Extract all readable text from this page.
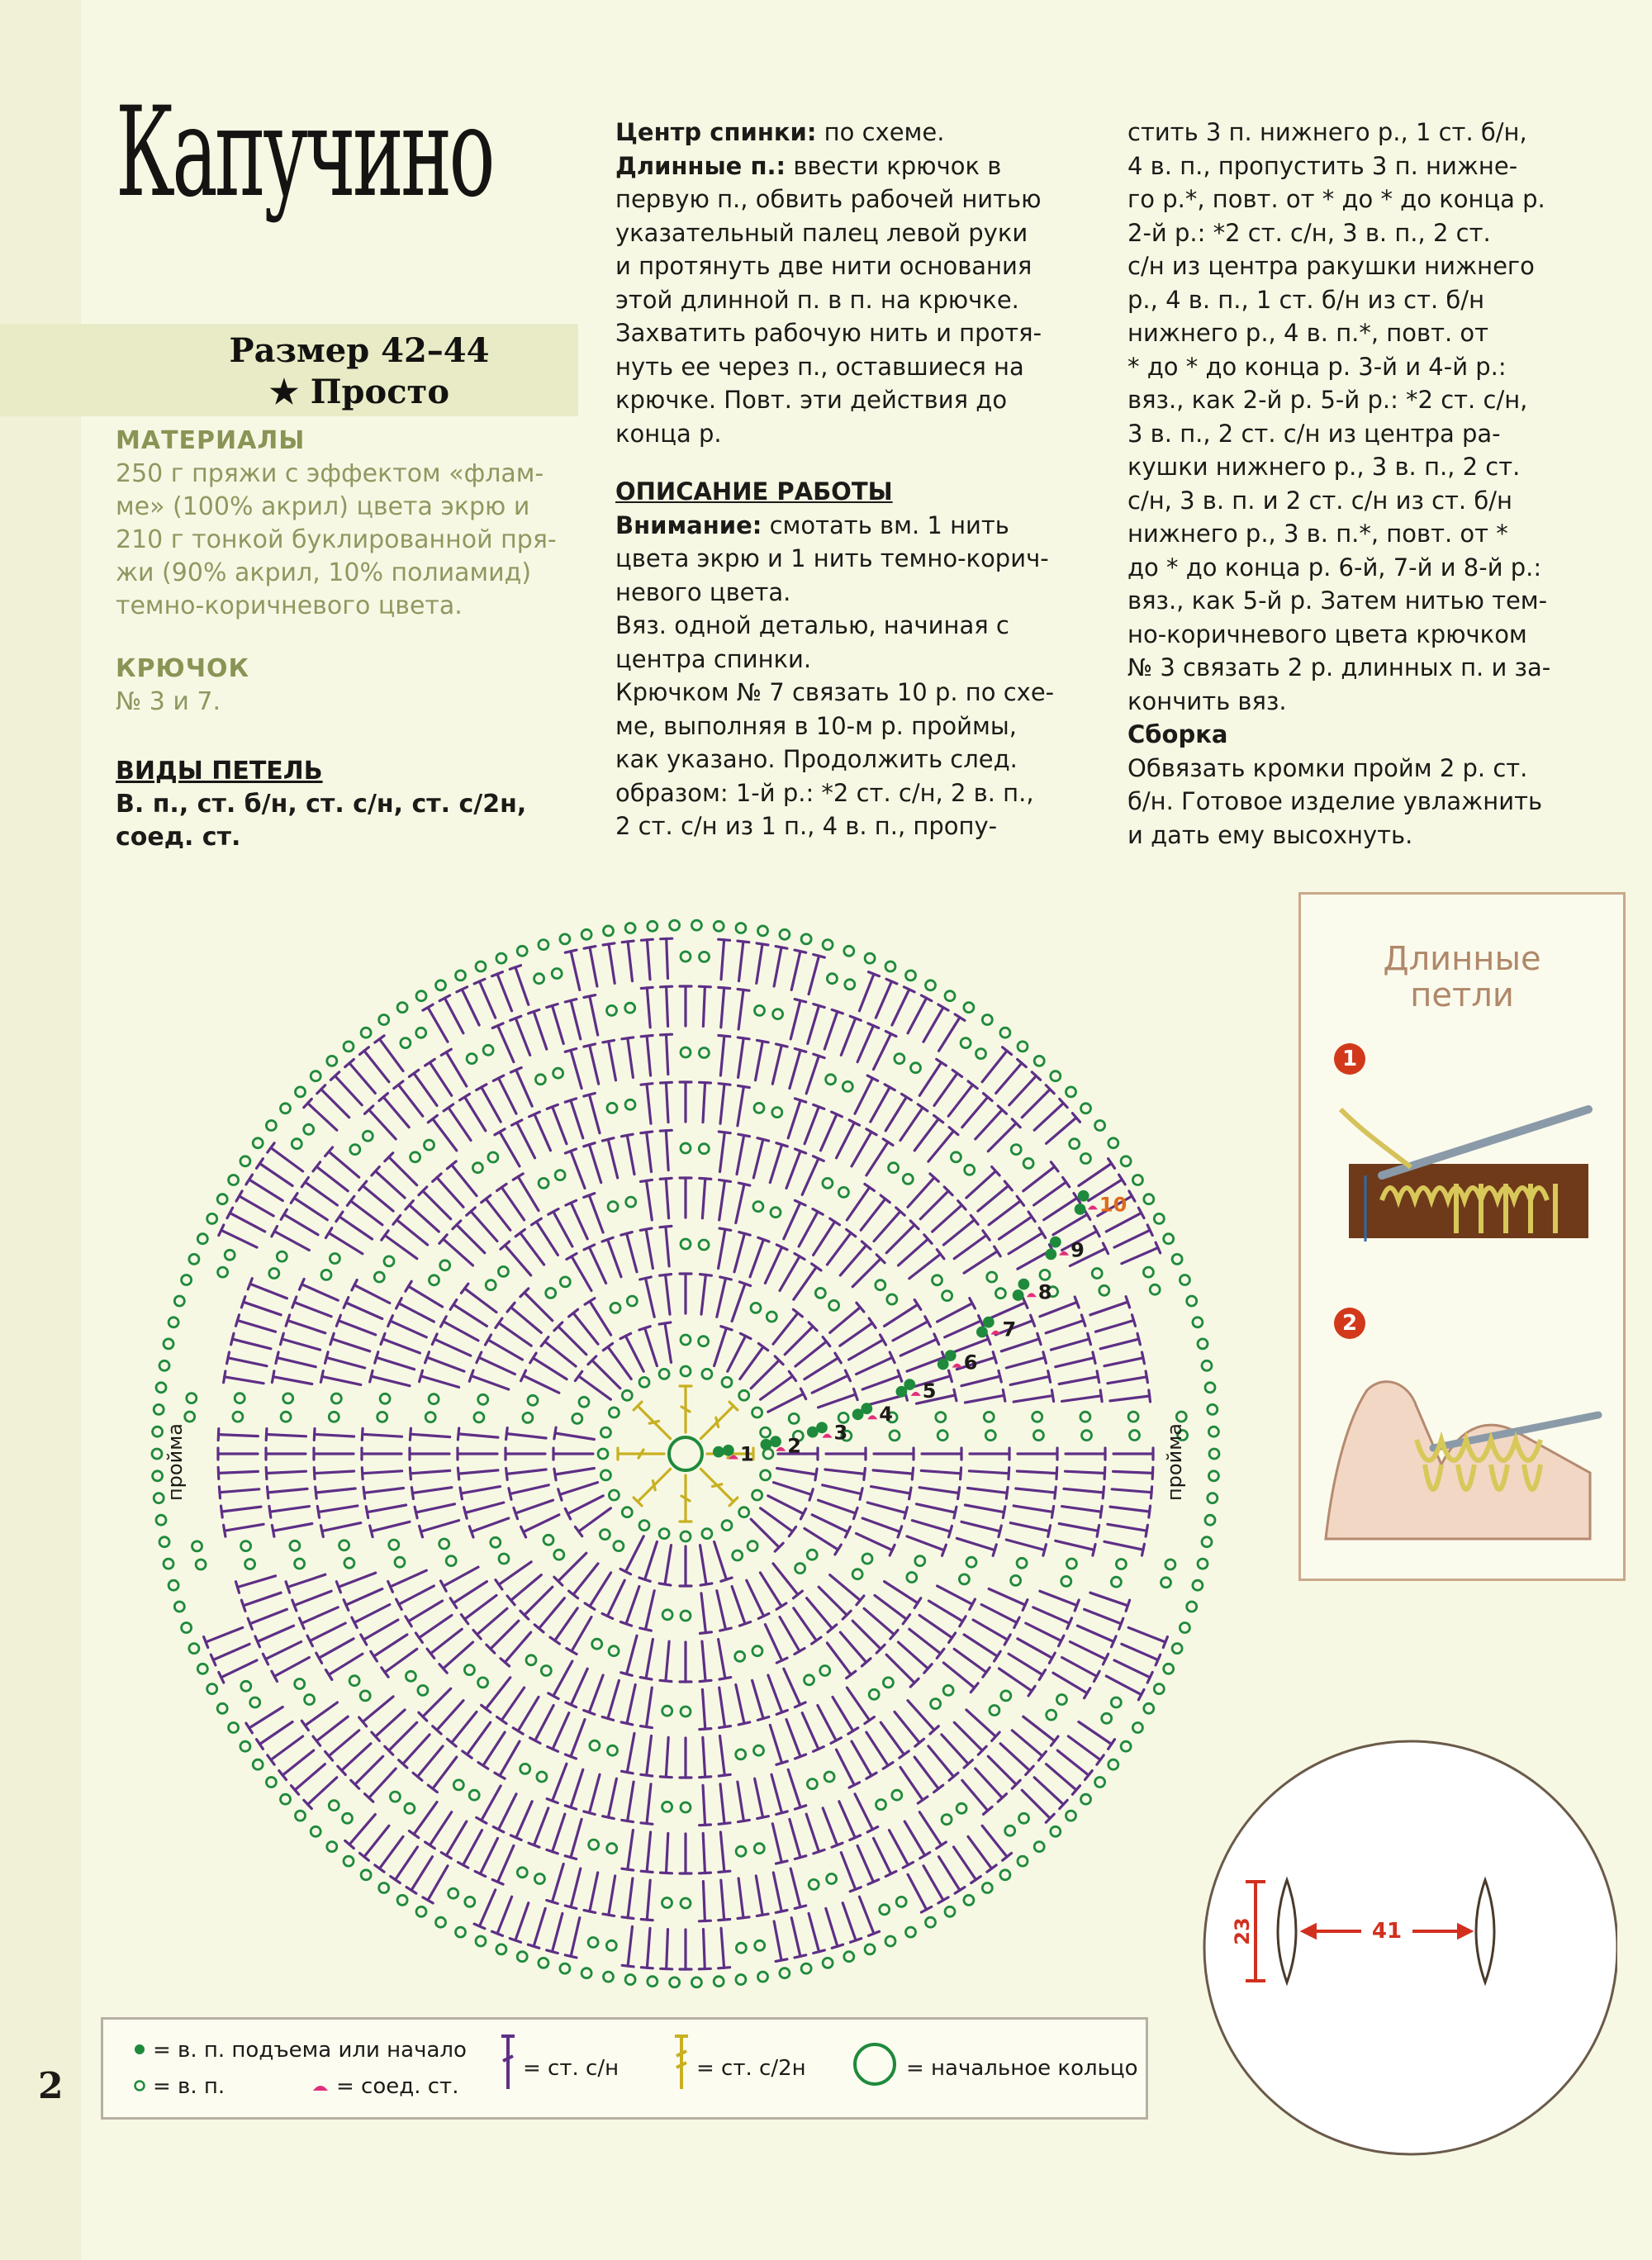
Капучино
Размер 42–44
★ Просто
МАТЕРИАЛЫ
250 г пряжи с эффектом «флам-
ме» (100% акрил) цвета экрю и
210 г тонкой буклированной пря-
жи (90% акрил, 10% полиамид)
темно-коричневого цвета.
КРЮЧОК
№ 3 и 7.
ВИДЫ ПЕТЕЛЬ
В. п., ст. б/н, ст. с/н, ст. с/2н,
соед. ст.
Центр спинки: по схеме.
Длинные п.: ввести крючок в
первую п., обвить рабочей нитью
указательный палец левой руки
и протянуть две нити основания
этой длинной п. в п. на крючке.
Захватить рабочую нить и протя-
нуть ее через п., оставшиеся на
крючке. Повт. эти действия до
конца р.
ОПИСАНИЕ РАБОТЫ
Внимание: смотать вм. 1 нить
цвета экрю и 1 нить темно-корич-
невого цвета.
Вяз. одной деталью, начиная с
центра спинки.
Крючком № 7 связать 10 р. по схе-
ме, выполняя в 10-м р. проймы,
как указано. Продолжить след.
образом: 1-й р.: *2 ст. с/н, 2 в. п.,
2 ст. с/н из 1 п., 4 в. п., пропу-
стить 3 п. нижнего р., 1 ст. б/н,
4 в. п., пропустить 3 п. нижне-
го р.*, повт. от * до * до конца р.
2-й р.: *2 ст. с/н, 3 в. п., 2 ст.
с/н из центра ракушки нижнего
р., 4 в. п., 1 ст. б/н из ст. б/н
нижнего р., 4 в. п.*, повт. от
* до * до конца р. 3-й и 4-й р.:
вяз., как 2-й р. 5-й р.: *2 ст. с/н,
3 в. п., 2 ст. с/н из центра ра-
кушки нижнего р., 3 в. п., 2 ст.
с/н, 3 в. п. и 2 ст. с/н из ст. б/н
нижнего р., 3 в. п.*, повт. от *
до * до конца р. 6-й, 7-й и 8-й р.:
вяз., как 5-й р. Затем нитью тем-
но-коричневого цвета крючком
№ 3 связать 2 р. длинных п. и за-
кончить вяз.
Сборка
Обвязать кромки пройм 2 р. ст.
б/н. Готовое изделие увлажнить
и дать ему высохнуть.
1 2
3
4
5
6
7
8
9
10
пройма	пройма
Длинные
петли
1
2
23	41
= в. п. подъема или начало
= в. п.	= соед. ст.
= ст. с/н	= ст. с/2н	= начальное кольцо
2
